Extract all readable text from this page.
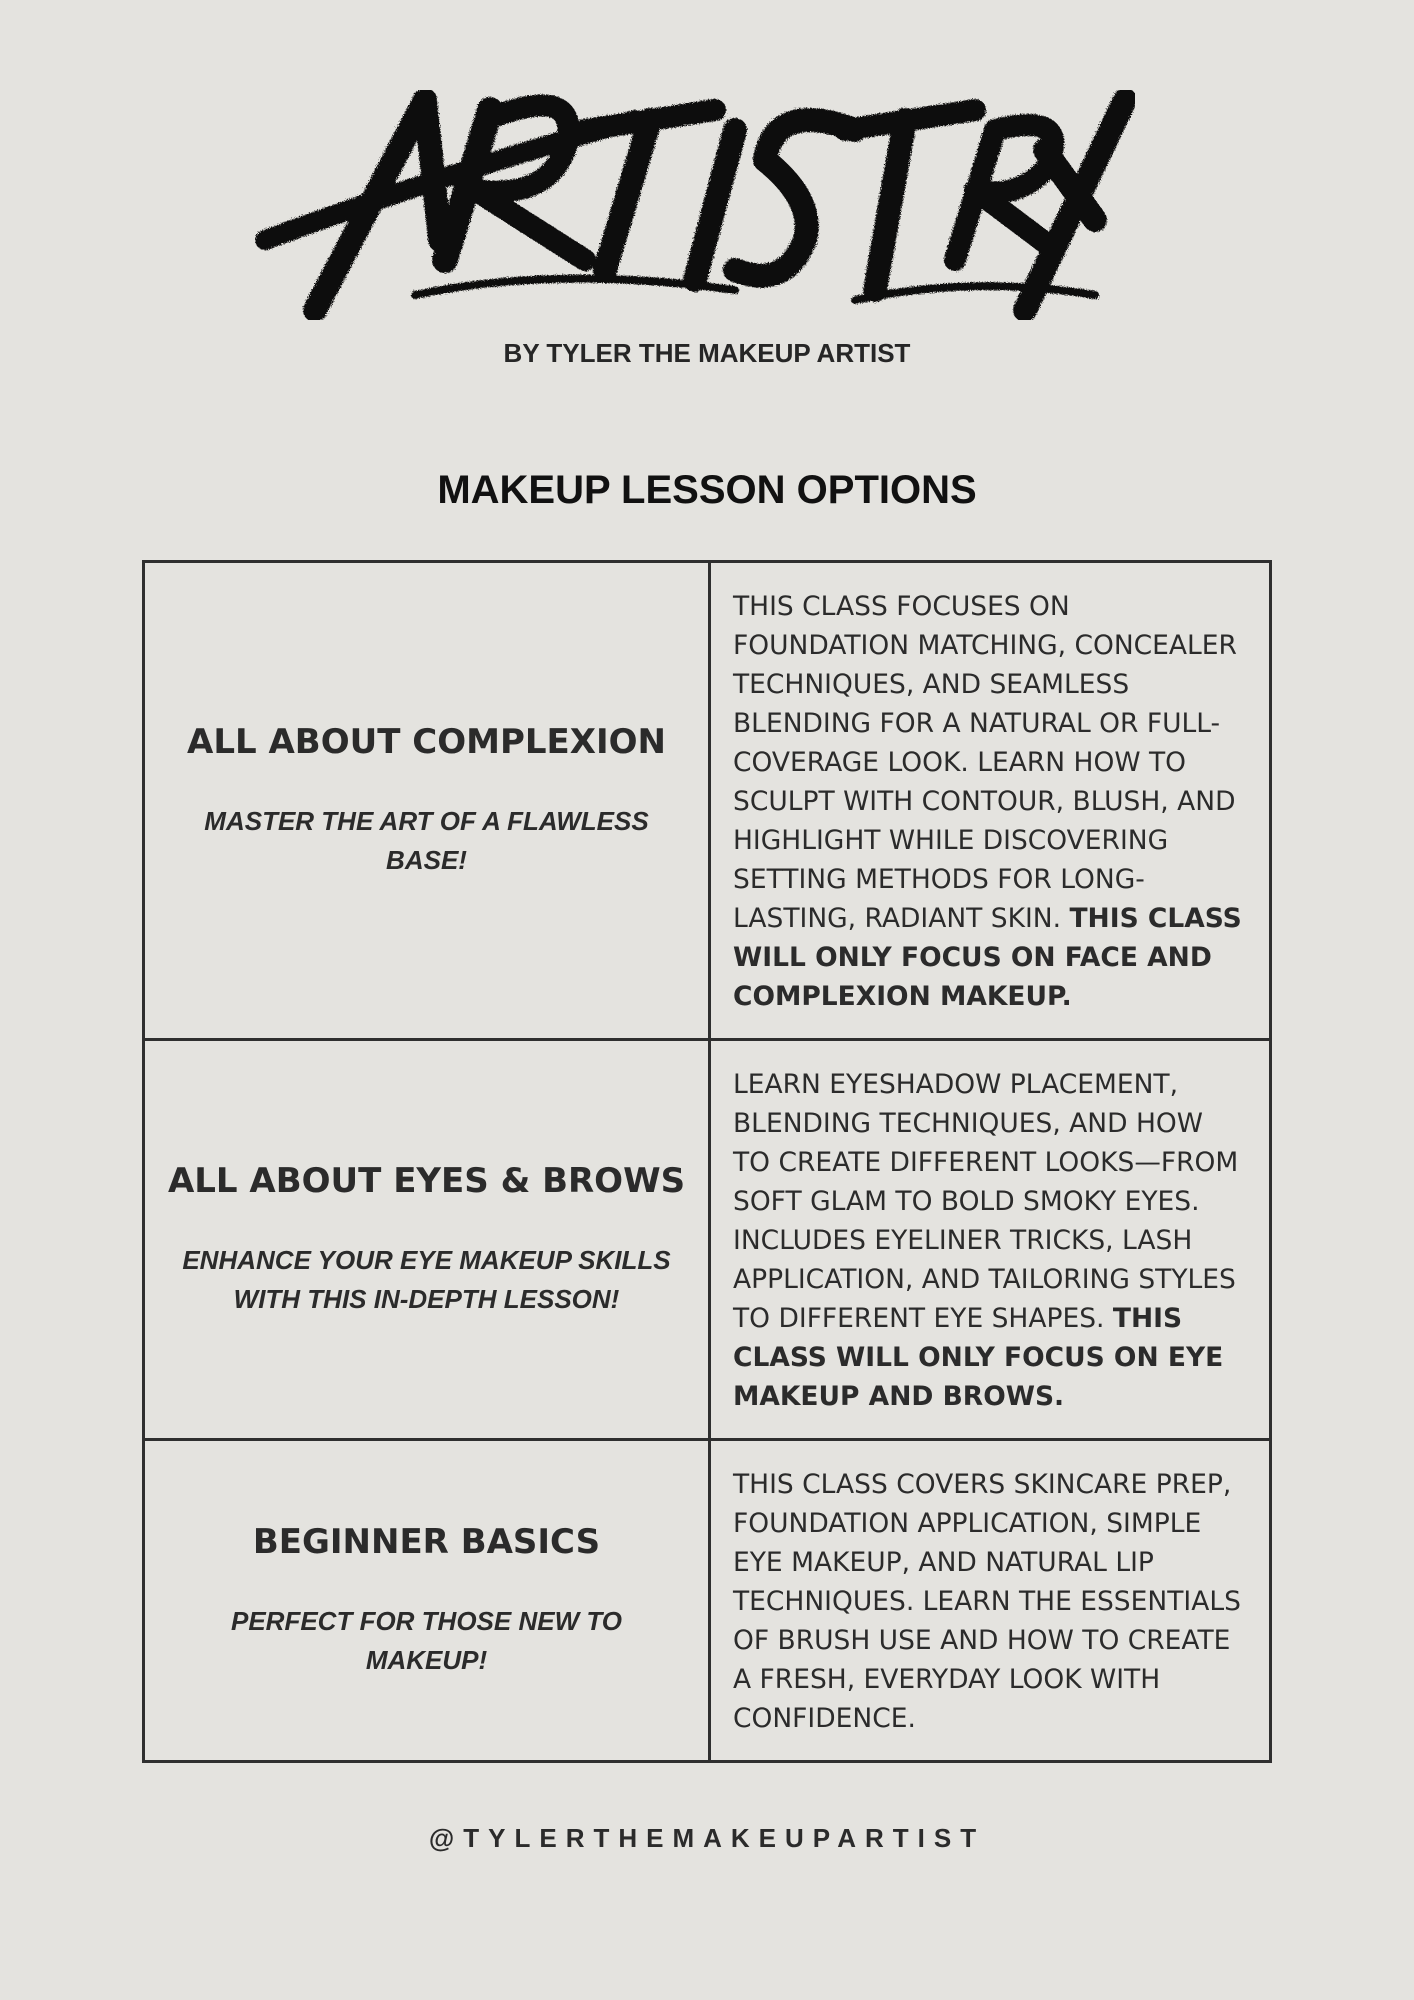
BY TYLER THE MAKEUP ARTIST
MAKEUP LESSON OPTIONS
ALL ABOUT COMPLEXION
MASTER THE ART OF A FLAWLESS BASE!	THIS CLASS FOCUSES ON FOUNDATION MATCHING, CONCEALER TECHNIQUES, AND SEAMLESS BLENDING FOR A NATURAL OR FULL-COVERAGE LOOK. LEARN HOW TO SCULPT WITH CONTOUR, BLUSH, AND HIGHLIGHT WHILE DISCOVERING SETTING METHODS FOR LONG-LASTING, RADIANT SKIN. THIS CLASS WILL ONLY FOCUS ON FACE AND COMPLEXION MAKEUP.

ALL ABOUT EYES & BROWS
ENHANCE YOUR EYE MAKEUP SKILLS WITH THIS IN-DEPTH LESSON!	LEARN EYESHADOW PLACEMENT, BLENDING TECHNIQUES, AND HOW TO CREATE DIFFERENT LOOKS—FROM SOFT GLAM TO BOLD SMOKY EYES. INCLUDES EYELINER TRICKS, LASH APPLICATION, AND TAILORING STYLES TO DIFFERENT EYE SHAPES. THIS CLASS WILL ONLY FOCUS ON EYE MAKEUP AND BROWS.

BEGINNER BASICS
PERFECT FOR THOSE NEW TO MAKEUP!	THIS CLASS COVERS SKINCARE PREP, FOUNDATION APPLICATION, SIMPLE EYE MAKEUP, AND NATURAL LIP TECHNIQUES. LEARN THE ESSENTIALS OF BRUSH USE AND HOW TO CREATE A FRESH, EVERYDAY LOOK WITH CONFIDENCE.

@TYLERTHEMAKEUPARTIST
